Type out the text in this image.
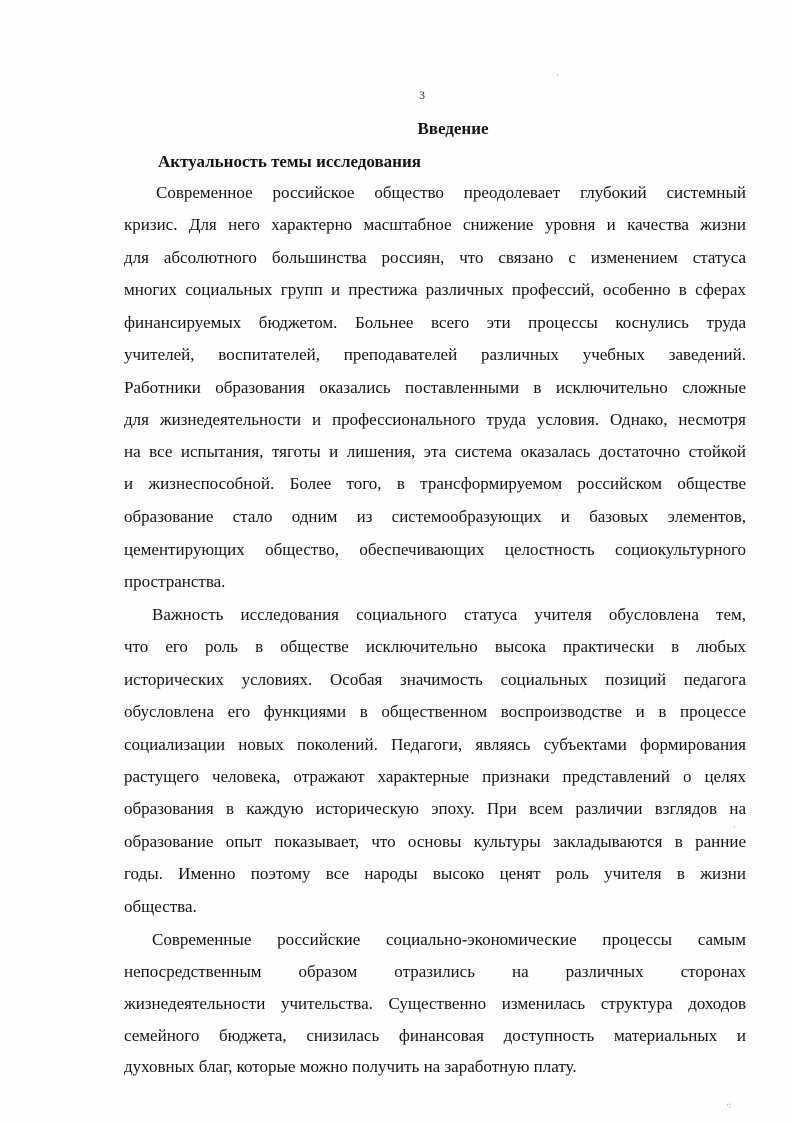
·
·
·:
3
Введение
Актуальность темы исследования
Современное российское общество преодолевает глубокий системный
кризис. Для него характерно масштабное снижение уровня и качества жизни
для абсолютного большинства россиян, что связано с изменением статуса
многих социальных групп и престижа различных профессий, особенно в сферах
финансируемых бюджетом. Больнее всего эти процессы коснулись труда
учителей, воспитателей, преподавателей различных учебных заведений.
Работники образования оказались поставленными в исключительно сложные
для жизнедеятельности и профессионального труда условия. Однако, несмотря
на все испытания, тяготы и лишения, эта система оказалась достаточно стойкой
и жизнеспособной. Более того, в трансформируемом российском обществе
образование стало одним из системообразующих и базовых элементов,
цементирующих общество, обеспечивающих целостность социокультурного
пространства.
Важность исследования социального статуса учителя обусловлена тем,
что его роль в обществе исключительно высока практически в любых
исторических условиях. Особая значимость социальных позиций педагога
обусловлена его функциями в общественном воспроизводстве и в процессе
социализации новых поколений. Педагоги, являясь субъектами формирования
растущего человека, отражают характерные признаки представлений о целях
образования в каждую историческую эпоху. При всем различии взглядов на
образование опыт показывает, что основы культуры закладываются в ранние
годы. Именно поэтому все народы высоко ценят роль учителя в жизни
общества.
Современные российские социально-экономические процессы самым
непосредственным образом отразились на различных сторонах
жизнедеятельности учительства. Существенно изменилась структура доходов
семейного бюджета, снизилась финансовая доступность материальных и
духовных благ, которые можно получить на заработную плату.
